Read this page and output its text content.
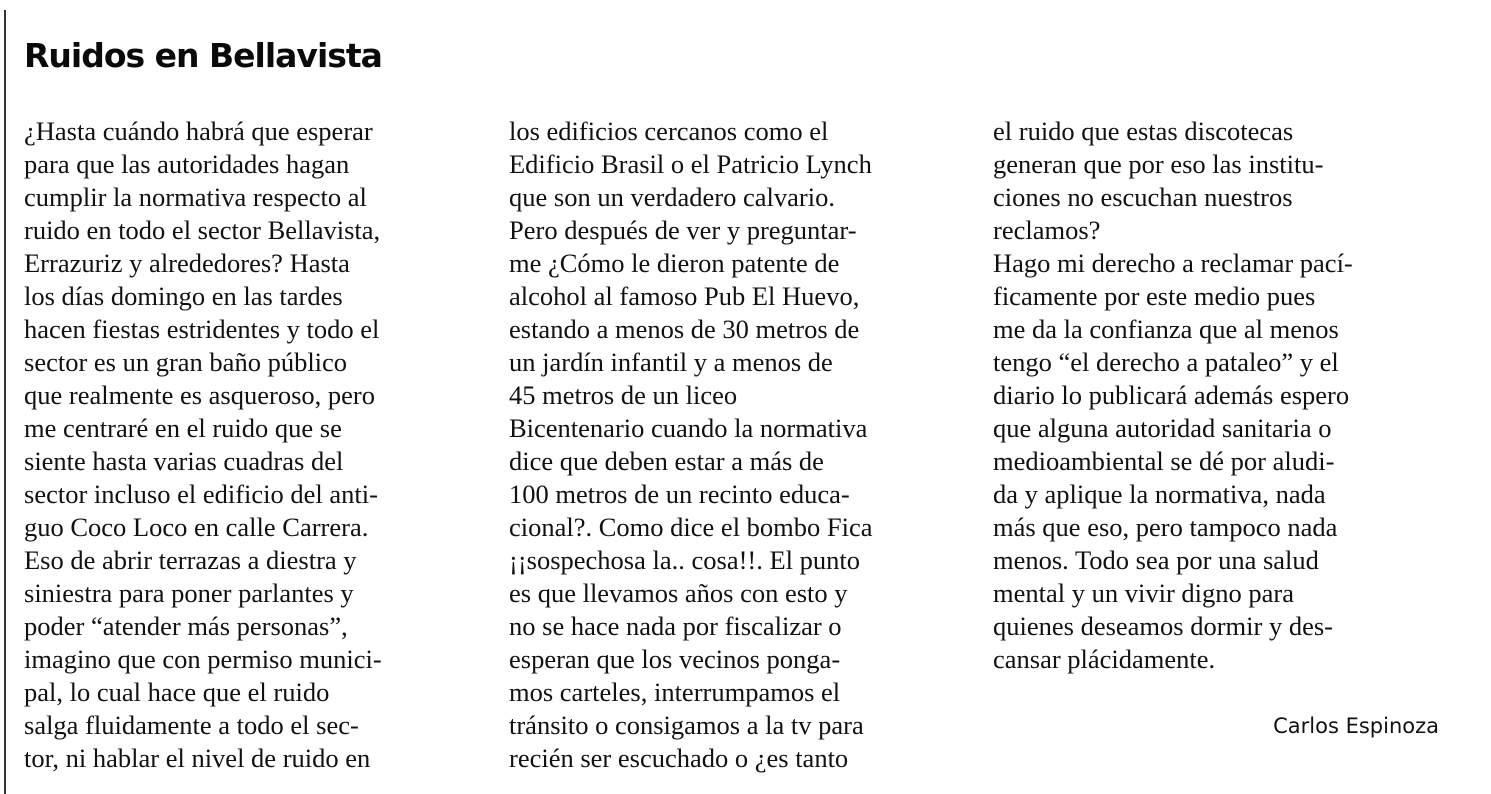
Ruidos en Bellavista
¿Hasta cuándo habrá que esperar
para que las autoridades hagan
cumplir la normativa respecto al
ruido en todo el sector Bellavista,
Errazuriz y alrededores? Hasta
los días domingo en las tardes
hacen fiestas estridentes y todo el
sector es un gran baño público
que realmente es asqueroso, pero
me centraré en el ruido que se
siente hasta varias cuadras del
sector incluso el edificio del anti-
guo Coco Loco en calle Carrera.
Eso de abrir terrazas a diestra y
siniestra para poner parlantes y
poder “atender más personas”,
imagino que con permiso munici-
pal, lo cual hace que el ruido
salga fluidamente a todo el sec-
tor, ni hablar el nivel de ruido en
los edificios cercanos como el
Edificio Brasil o el Patricio Lynch
que son un verdadero calvario.
Pero después de ver y preguntar-
me ¿Cómo le dieron patente de
alcohol al famoso Pub El Huevo,
estando a menos de 30 metros de
un jardín infantil y a menos de
45 metros de un liceo
Bicentenario cuando la normativa
dice que deben estar a más de
100 metros de un recinto educa-
cional?. Como dice el bombo Fica
¡¡sospechosa la.. cosa!!. El punto
es que llevamos años con esto y
no se hace nada por fiscalizar o
esperan que los vecinos ponga-
mos carteles, interrumpamos el
tránsito o consigamos a la tv para
recién ser escuchado o ¿es tanto
el ruido que estas discotecas
generan que por eso las institu-
ciones no escuchan nuestros
reclamos?
Hago mi derecho a reclamar pací-
ficamente por este medio pues
me da la confianza que al menos
tengo “el derecho a pataleo” y el
diario lo publicará además espero
que alguna autoridad sanitaria o
medioambiental se dé por aludi-
da y aplique la normativa, nada
más que eso, pero tampoco nada
menos. Todo sea por una salud
mental y un vivir digno para
quienes deseamos dormir y des-
cansar plácidamente.
Carlos Espinoza
